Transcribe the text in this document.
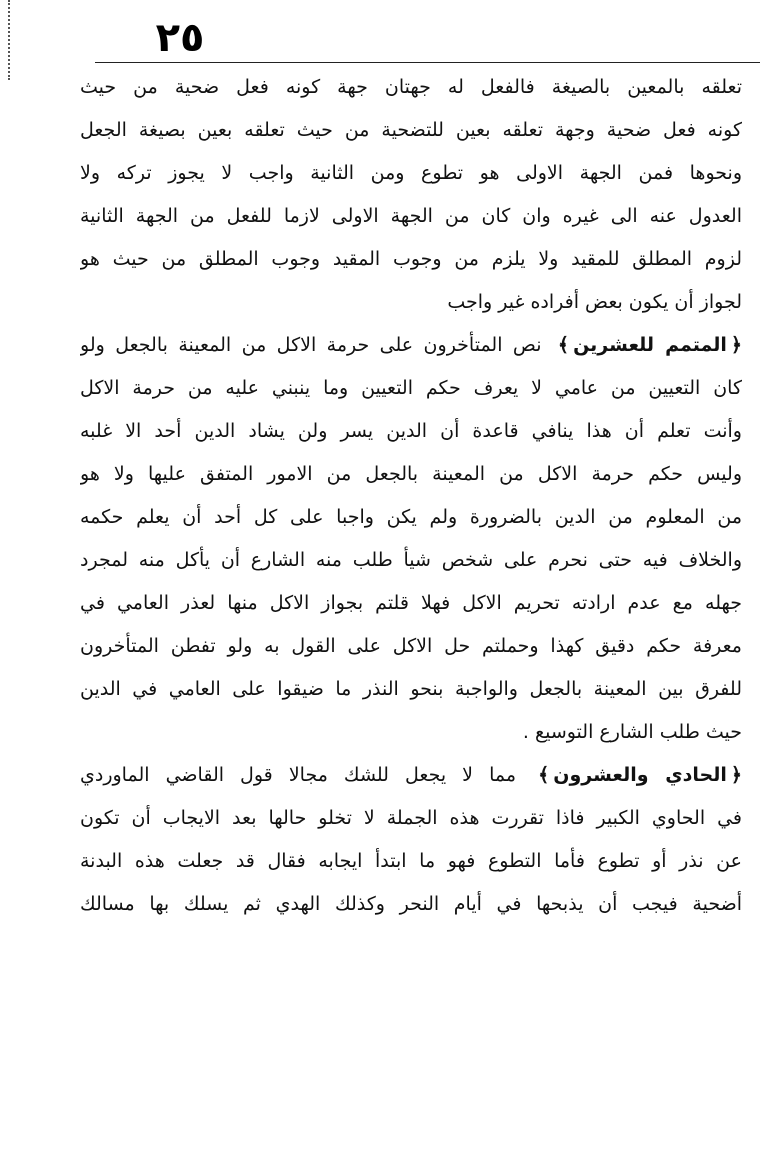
٢٥
تعلقه بالمعين بالصيغة فالفعل له جهتان جهة كونه فعل ضحية من حيث
كونه فعل ضحية وجهة تعلقه بعين للتضحية من حيث تعلقه بعين بصيغة الجعل
ونحوها فمن الجهة الاولى هو تطوع ومن الثانية واجب لا يجوز تركه ولا
العدول عنه الى غيره وان كان من الجهة الاولى لازما للفعل من الجهة الثانية
لزوم المطلق للمقيد ولا يلزم من وجوب المقيد وجوب المطلق من حيث هو
لجواز أن يكون بعض أفراده غير واجب
﴿ المتمم للعشرين ﴾ نص المتأخرون على حرمة الاكل من المعينة بالجعل ولو
كان التعيين من عامي لا يعرف حكم التعيين وما ينبني عليه من حرمة الاكل
وأنت تعلم أن هذا ينافي قاعدة أن الدين يسر ولن يشاد الدين أحد الا غلبه
وليس حكم حرمة الاكل من المعينة بالجعل من الامور المتفق عليها ولا هو
من المعلوم من الدين بالضرورة ولم يكن واجبا على كل أحد أن يعلم حكمه
والخلاف فيه حتى نحرم على شخص شيأ طلب منه الشارع أن يأكل منه لمجرد
جهله مع عدم ارادته تحريم الاكل فهلا قلتم بجواز الاكل منها لعذر العامي في
معرفة حكم دقيق كهذا وحملتم حل الاكل على القول به ولو تفطن المتأخرون
للفرق بين المعينة بالجعل والواجبة بنحو النذر ما ضيقوا على العامي في الدين
حيث طلب الشارع التوسيع .
﴿ الحادي والعشرون ﴾ مما لا يجعل للشك مجالا قول القاضي الماوردي
في الحاوي الكبير فاذا تقررت هذه الجملة لا تخلو حالها بعد الايجاب أن تكون
عن نذر أو تطوع فأما التطوع فهو ما ابتدأ ايجابه فقال قد جعلت هذه البدنة
أضحية فيجب أن يذبحها في أيام النحر وكذلك الهدي ثم يسلك بها مسالك
